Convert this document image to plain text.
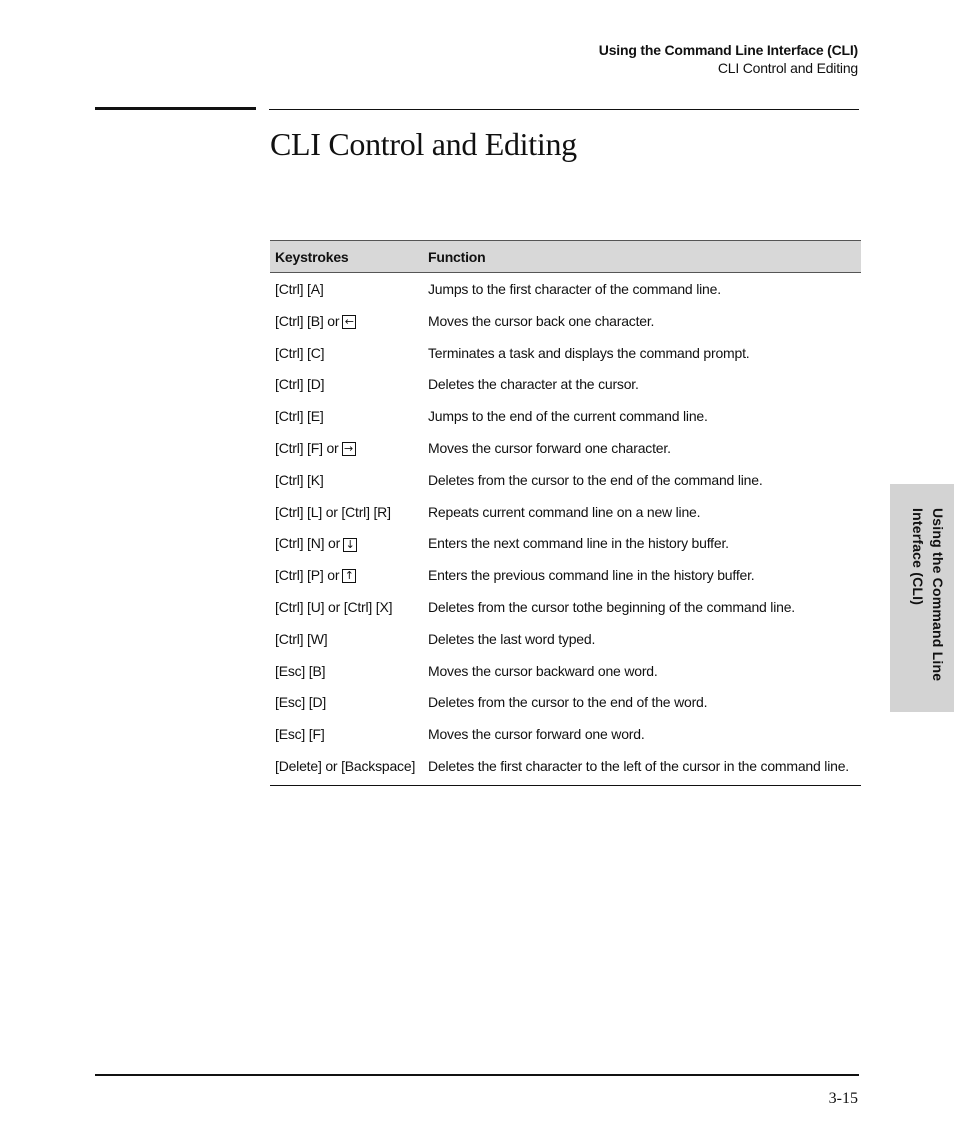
Using the Command Line Interface (CLI)
CLI Control and Editing
CLI Control and Editing
Keystrokes	Function
[Ctrl] [A]	Jumps to the first character of the command line.
[Ctrl] [B] or ←	Moves the cursor back one character.
[Ctrl] [C]	Terminates a task and displays the command prompt.
[Ctrl] [D]	Deletes the character at the cursor.
[Ctrl] [E]	Jumps to the end of the current command line.
[Ctrl] [F] or →	Moves the cursor forward one character.
[Ctrl] [K]	Deletes from the cursor to the end of the command line.
[Ctrl] [L] or [Ctrl] [R]	Repeats current command line on a new line.
[Ctrl] [N] or ↓	Enters the next command line in the history buffer.
[Ctrl] [P] or ↑	Enters the previous command line in the history buffer.
[Ctrl] [U] or [Ctrl] [X]	Deletes from the cursor tothe beginning of the command line.
[Ctrl] [W]	Deletes the last word typed.
[Esc] [B]	Moves the cursor backward one word.
[Esc] [D]	Deletes from the cursor to the end of the word.
[Esc] [F]	Moves the cursor forward one word.
[Delete] or [Backspace]	Deletes the first character to the left of the cursor in the command line.
Using the Command Line Interface (CLI)
3-15
